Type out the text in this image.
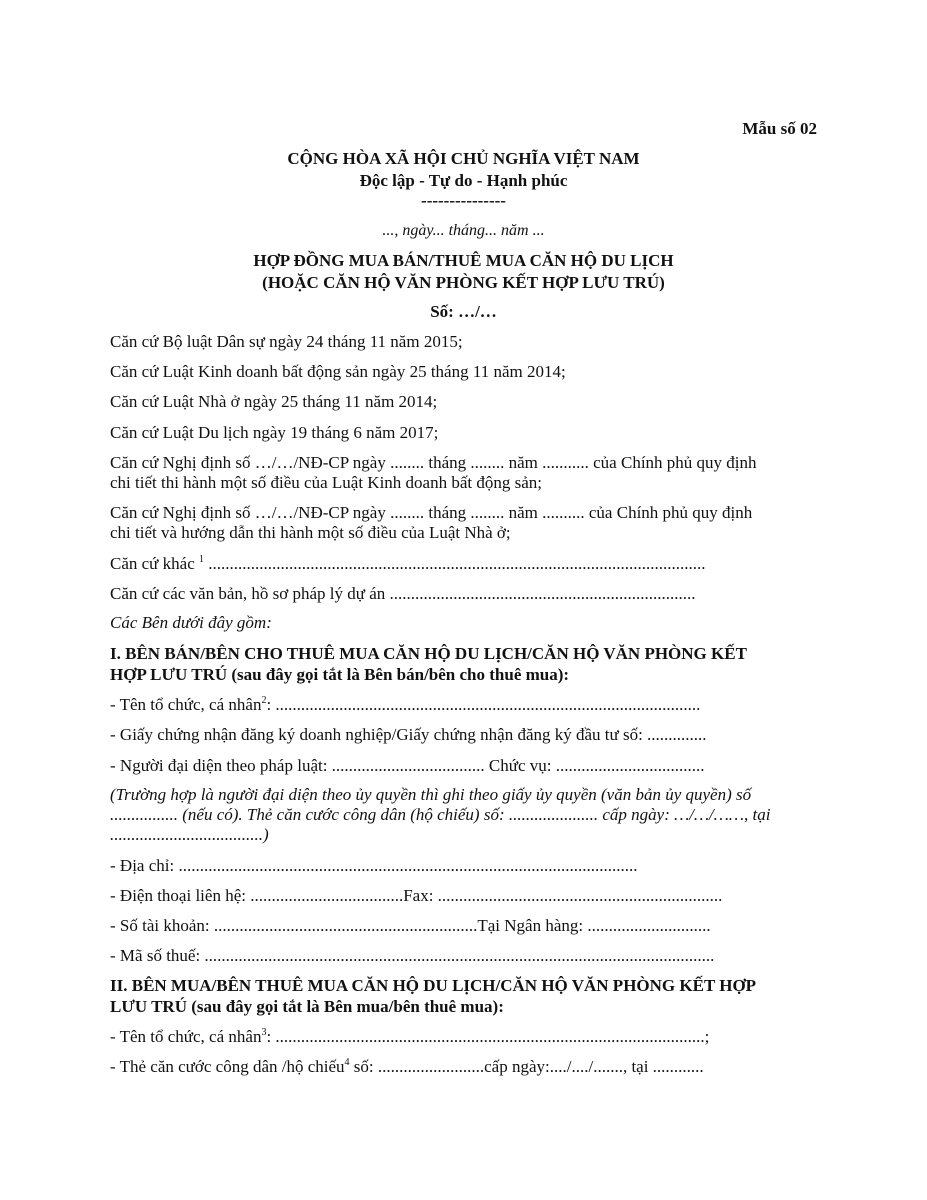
Mẫu số 02
CỘNG HÒA XÃ HỘI CHỦ NGHĨA VIỆT NAM
Độc lập - Tự do - Hạnh phúc
---------------
..., ngày... tháng... năm ...
HỢP ĐỒNG MUA BÁN/THUÊ MUA CĂN HỘ DU LỊCH
(HOẶC CĂN HỘ VĂN PHÒNG KẾT HỢP LƯU TRÚ)
Số: …/…
Căn cứ Bộ luật Dân sự ngày 24 tháng 11 năm 2015;
Căn cứ Luật Kinh doanh bất động sản ngày 25 tháng 11 năm 2014;
Căn cứ Luật Nhà ở ngày 25 tháng 11 năm 2014;
Căn cứ Luật Du lịch ngày 19 tháng 6 năm 2017;
Căn cứ Nghị định số …/…/NĐ-CP ngày ........ tháng ........ năm ........... của Chính phủ quy định
chi tiết thi hành một số điều của Luật Kinh doanh bất động sản;
Căn cứ Nghị định số …/…/NĐ-CP ngày ........ tháng ........ năm .......... của Chính phủ quy định
chi tiết và hướng dẫn thi hành một số điều của Luật Nhà ở;
Căn cứ khác $^1$ .....................................................................................................................
Căn cứ các văn bản, hồ sơ pháp lý dự án ........................................................................
Các Bên dưới đây gồm:
I. BÊN BÁN/BÊN CHO THUÊ MUA CĂN HỘ DU LỊCH/CĂN HỘ VĂN PHÒNG KẾT
HỢP LƯU TRÚ (sau đây gọi tắt là Bên bán/bên cho thuê mua):
- Tên tổ chức, cá nhân$^2$: ....................................................................................................
- Giấy chứng nhận đăng ký doanh nghiệp/Giấy chứng nhận đăng ký đầu tư số: ..............
- Người đại diện theo pháp luật: .................................... Chức vụ: ...................................
(Trường hợp là người đại diện theo ủy quyền thì ghi theo giấy ủy quyền (văn bản ủy quyền) số
................ (nếu có). Thẻ căn cước công dân (hộ chiếu) số: ..................... cấp ngày: …/…/……, tại
....................................)
- Địa chỉ: ............................................................................................................
- Điện thoại liên hệ: ....................................Fax: ...................................................................
- Số tài khoản: ..............................................................Tại Ngân hàng: .............................
- Mã số thuế: ........................................................................................................................
II. BÊN MUA/BÊN THUÊ MUA CĂN HỘ DU LỊCH/CĂN HỘ VĂN PHÒNG KẾT HỢP
LƯU TRÚ (sau đây gọi tắt là Bên mua/bên thuê mua):
- Tên tổ chức, cá nhân$^3$: .....................................................................................................;
- Thẻ căn cước công dân /hộ chiếu$^4$ số: .........................cấp ngày:..../..../......., tại ............
